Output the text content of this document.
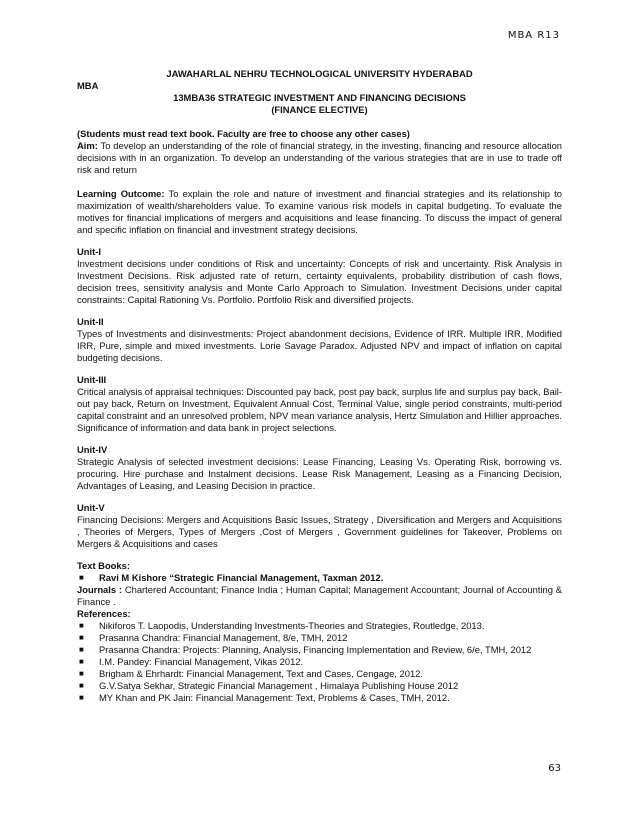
MBA R13

JAWAHARLAL NEHRU TECHNOLOGICAL UNIVERSITY HYDERABAD

MBA

13MBA36 STRATEGIC INVESTMENT AND FINANCING DECISIONS

(FINANCE ELECTIVE)

(Students must read text book. Faculty are free to choose any other cases)

Aim: To develop an understanding of the role of financial strategy, in the investing, financing and resource allocation decisions with in an organization. To develop an understanding of the various strategies that are in use to trade off risk and return

Learning Outcome: To explain the role and nature of investment and financial strategies and its relationship to maximization of wealth/shareholders value. To examine various risk models in capital budgeting. To evaluate the motives for financial implications of mergers and acquisitions and lease financing. To discuss the impact of general and specific inflation on financial and investment strategy decisions.

Unit-I

Investment decisions under conditions of Risk and uncertainty: Concepts of risk and uncertainty. Risk Analysis in Investment Decisions. Risk adjusted rate of return, certainty equivalents, probability distribution of cash flows, decision trees, sensitivity analysis and Monte Carlo Approach to Simulation. Investment Decisions under capital constraints: Capital Rationing Vs. Portfolio. Portfolio Risk and diversified projects.

Unit-II

Types of Investments and disinvestments: Project abandonment decisions, Evidence of IRR. Multiple IRR, Modified IRR, Pure, simple and mixed investments. Lorie Savage Paradox. Adjusted NPV and impact of inflation on capital budgeting decisions.

Unit-III

Critical analysis of appraisal techniques: Discounted pay back, post pay back, surplus life and surplus pay back, Bail-out pay back, Return on Investment, Equivalent Annual Cost, Terminal Value, single period constraints, multi-period capital constraint and an unresolved problem, NPV mean variance analysis, Hertz Simulation and Hillier approaches. Significance of information and data bank in project selections.

Unit-IV

Strategic Analysis of selected investment decisions: Lease Financing, Leasing Vs. Operating Risk, borrowing vs. procuring. Hire purchase and Instalment decisions. Lease Risk Management, Leasing as a Financing Decision, Advantages of Leasing, and Leasing Decision in practice.

Unit-V

Financing Decisions: Mergers and Acquisitions Basic Issues, Strategy , Diversification and Mergers and Acquisitions , Theories of Mergers, Types of Mergers ,Cost of Mergers , Government guidelines for Takeover, Problems on Mergers & Acquisitions and cases

Text Books:

■ Ravi M Kishore “Strategic Financial Management, Taxman 2012.

Journals : Chartered Accountant; Finance India ; Human Capital; Management Accountant; Journal of Accounting & Finance .

References:

■ Nikiforos T. Laopodis, Understanding Investments-Theories and Strategies, Routledge, 2013.
■ Prasanna Chandra: Financial Management, 8/e, TMH, 2012
■ Prasanna Chandra: Projects: Planning, Analysis, Financing Implementation and Review, 6/e, TMH, 2012
■ I.M. Pandey: Financial Management, Vikas 2012.
■ Brigham & Ehrhardt: Financial Management, Text and Cases, Cengage, 2012.
■ G.V.Satya Sekhar, Strategic Financial Management , Himalaya Publishing House 2012
■ MY Khan and PK Jain: Financial Management: Text, Problems & Cases, TMH, 2012.
63
